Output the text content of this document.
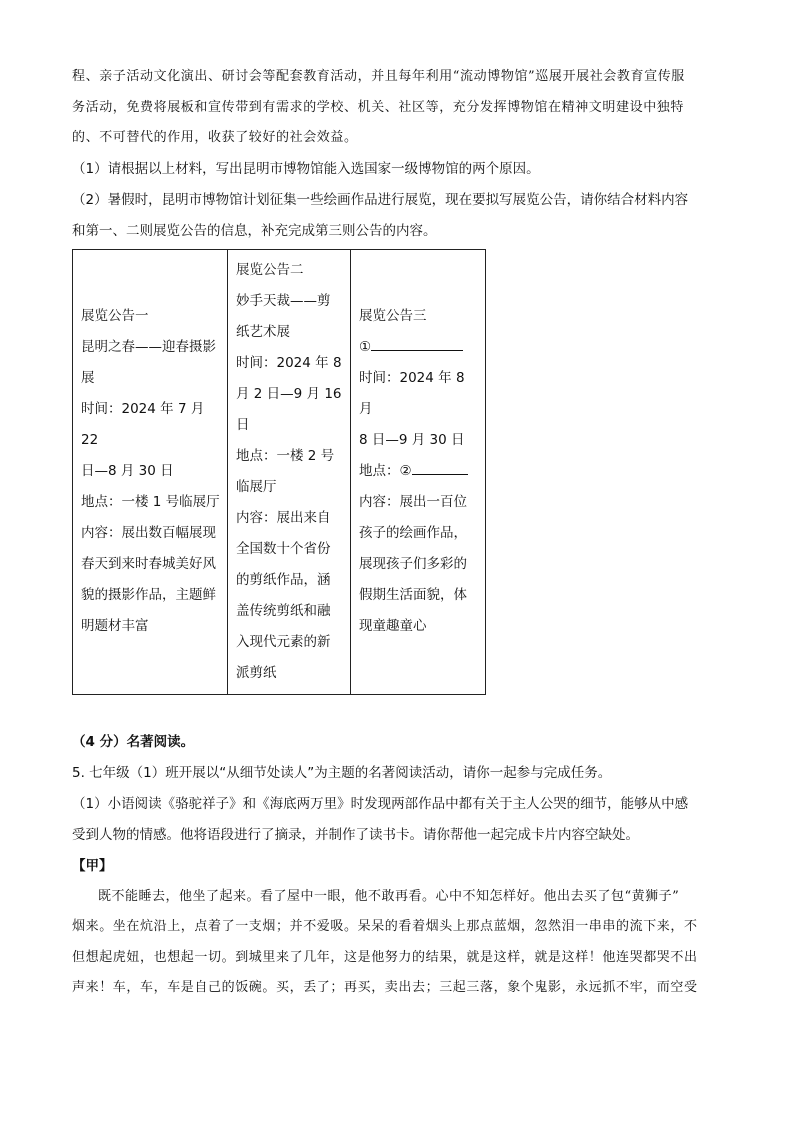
程、亲子活动文化演出、研讨会等配套教育活动，并且每年利用“流动博物馆”巡展开展社会教育宣传服

务活动，免费将展板和宣传带到有需求的学校、机关、社区等，充分发挥博物馆在精神文明建设中独特

的、不可替代的作用，收获了较好的社会效益。

（1）请根据以上材料，写出昆明市博物馆能入选国家一级博物馆的两个原因。

（2）暑假时，昆明市博物馆计划征集一些绘画作品进行展览，现在要拟写展览公告，请你结合材料内容

和第一、二则展览公告的信息，补充完成第三则公告的内容。

展览公告一
昆明之春——迎春摄影
展
时间：2024 年 7 月 22
日—8 月 30 日
地点：一楼 1 号临展厅
内容：展出数百幅展现
春天到来时春城美好风
貌的摄影作品，主题鲜
明题材丰富

展览公告二
妙手天裁——剪
纸艺术展
时间：2024 年 8
月 2 日—9 月 16
日
地点：一楼 2 号
临展厅
内容：展出来自
全国数十个省份
的剪纸作品，涵
盖传统剪纸和融
入现代元素的新
派剪纸

展览公告三
①
时间：2024 年 8 月
8 日—9 月 30 日
地点：②
内容：展出一百位
孩子的绘画作品，
展现孩子们多彩的
假期生活面貌，体
现童趣童心

（4 分）名著阅读。

5. 七年级（1）班开展以“从细节处读人”为主题的名著阅读活动，请你一起参与完成任务。

（1）小语阅读《骆驼祥子》和《海底两万里》时发现两部作品中都有关于主人公哭的细节，能够从中感

受到人物的情感。他将语段进行了摘录，并制作了读书卡。请你帮他一起完成卡片内容空缺处。

【甲】

既不能睡去，他坐了起来。看了屋中一眼，他不敢再看。心中不知怎样好。他出去买了包“黄狮子”

烟来。坐在炕沿上，点着了一支烟；并不爱吸。呆呆的看着烟头上那点蓝烟，忽然泪一串串的流下来，不

但想起虎妞，也想起一切。到城里来了几年，这是他努力的结果，就是这样，就是这样！他连哭都哭不出

声来！车，车，车是自己的饭碗。买，丢了；再买，卖出去；三起三落，象个鬼影，永远抓不牢，而空受
